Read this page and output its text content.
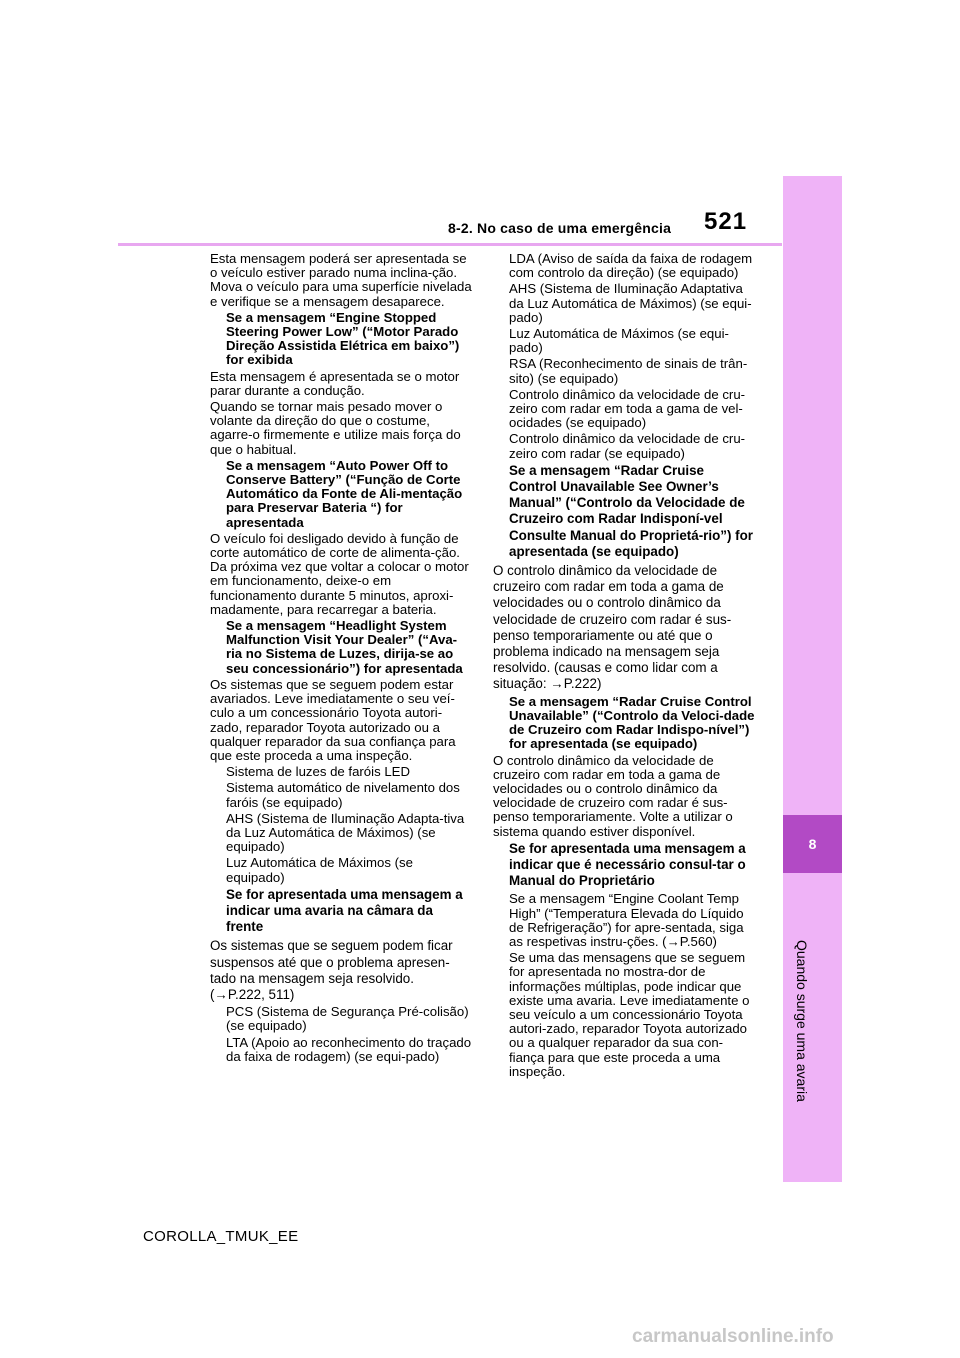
8-2. No caso de uma emergência 521
8
Quando surge uma avaria
Esta mensagem poderá ser apresentada se o veículo estiver parado numa inclina-ção. Mova o veículo para uma superfície nivelada e verifique se a mensagem desaparece.
Se a mensagem “Engine Stopped Steering Power Low” (“Motor Parado Direção Assistida Elétrica em baixo”) for exibida
Esta mensagem é apresentada se o motor parar durante a condução.
Quando se tornar mais pesado mover o volante da direção do que o costume, agarre-o firmemente e utilize mais força do que o habitual.
Se a mensagem “Auto Power Off to Conserve Battery” (“Função de Corte Automático da Fonte de Ali-mentação para Preservar Bateria “) for apresentada
O veículo foi desligado devido à função de corte automático de corte de alimenta-ção. Da próxima vez que voltar a colocar o motor em funcionamento, deixe-o em funcionamento durante 5 minutos, aproxi-madamente, para recarregar a bateria.
Se a mensagem “Headlight System Malfunction Visit Your Dealer” (“Ava-ria no Sistema de Luzes, dirija-se ao seu concessionário”) for apresentada
Os sistemas que se seguem podem estar avariados. Leve imediatamente o seu veí-culo a um concessionário Toyota autori-zado, reparador Toyota autorizado ou a qualquer reparador da sua confiança para que este proceda a uma inspeção.
Sistema de luzes de faróis LED
Sistema automático de nivelamento dos faróis (se equipado)
AHS (Sistema de Iluminação Adapta-tiva da Luz Automática de Máximos) (se equipado)
Luz Automática de Máximos (se equipado)
Se for apresentada uma mensagem a indicar uma avaria na câmara da frente
Os sistemas que se seguem podem ficar suspensos até que o problema apresen-tado na mensagem seja resolvido. (→P.222, 511)
PCS (Sistema de Segurança Pré-colisão) (se equipado)
LTA (Apoio ao reconhecimento do traçado da faixa de rodagem) (se equi-pado)
LDA (Aviso de saída da faixa de rodagem com controlo da direção) (se equipado)
AHS (Sistema de Iluminação Adaptativa da Luz Automática de Máximos) (se equi-pado)
Luz Automática de Máximos (se equi-pado)
RSA (Reconhecimento de sinais de trân-sito) (se equipado)
Controlo dinâmico da velocidade de cru-zeiro com radar em toda a gama de vel-ocidades (se equipado)
Controlo dinâmico da velocidade de cru-zeiro com radar (se equipado)
Se a mensagem “Radar Cruise Control Unavailable See Owner’s Manual” (“Controlo da Velocidade de Cruzeiro com Radar Indisponí-vel Consulte Manual do Proprietá-rio”) for apresentada (se equipado)
O controlo dinâmico da velocidade de cruzeiro com radar em toda a gama de velocidades ou o controlo dinâmico da velocidade de cruzeiro com radar é sus-penso temporariamente ou até que o problema indicado na mensagem seja resolvido. (causas e como lidar com a situação: →P.222)
Se a mensagem “Radar Cruise Control Unavailable” (“Controlo da Veloci-dade de Cruzeiro com Radar Indispo-nível”) for apresentada (se equipado)
O controlo dinâmico da velocidade de cruzeiro com radar em toda a gama de velocidades ou o controlo dinâmico da velocidade de cruzeiro com radar é sus-penso temporariamente. Volte a utilizar o sistema quando estiver disponível.
Se for apresentada uma mensagem a indicar que é necessário consul-tar o Manual do Proprietário
Se a mensagem “Engine Coolant Temp High” (“Temperatura Elevada do Líquido de Refrigeração”) for apre-sentada, siga as respetivas instru-ções. (→P.560)
Se uma das mensagens que se seguem for apresentada no mostra-dor de informações múltiplas, pode indicar que existe uma avaria. Leve imediatamente o seu veículo a um concessionário Toyota autori-zado, reparador Toyota autorizado ou a qualquer reparador da sua con-fiança para que este proceda a uma inspeção.
COROLLA_TMUK_EE
carmanualsonline.info
